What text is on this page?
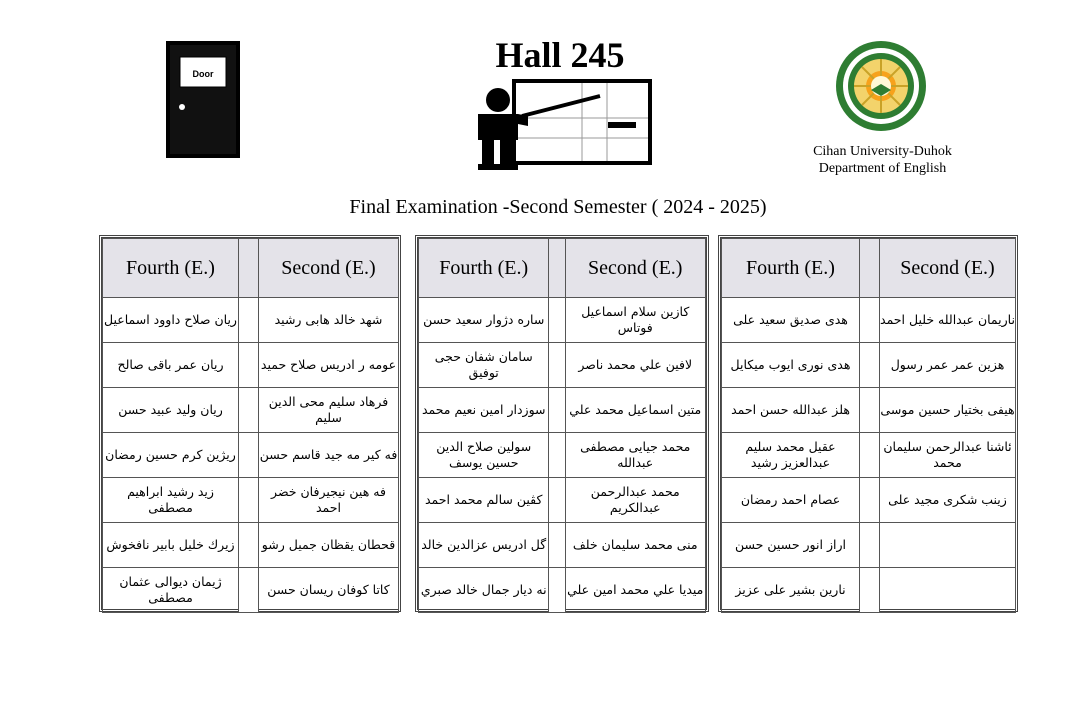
Door	Hall 245
Cihan University-Duhok
Department of English
Final Examination -Second Semester ( 2024 - 2025)
Fourth (E.)		Second (E.)
ريان صلاح داوود اسماعيل		شهد خالد هابى رشيد
ريان عمر باقى صالح		عومه ر ادريس صلاح حميد
ريان وليد عبيد حسن		فرهاد سليم محى الدين سليم
ريژين كرم حسين رمضان		فه كير مه جيد قاسم حسن
زيد رشيد ابراهيم مصطفى		فه هين نيجيرفان خضر احمد
زيرك خليل بابير نافخوش		قحطان يقظان جميل رشو
ژيمان ديوالى عثمان مصطفى		كاتا كوفان ريسان حسن
Fourth (E.)		Second (E.)
ساره دژوار سعيد حسن		كازين سلام اسماعيل فوتاس
سامان شفان حجى توفيق		لافين علي محمد ناصر
سوزدار امين نعيم محمد		متين اسماعيل محمد علي
سولين صلاح الدين حسين يوسف		محمد جيايى مصطفى عبدالله
كڤين سالم محمد احمد		محمد عبدالرحمن عبدالكريم
گل ادريس عزالدين خالد		منى محمد سليمان خلف
نه ديار جمال خالد صبري		ميديا علي محمد امين علي
Fourth (E.)		Second (E.)
هدى صديق سعيد على		ناريمان عبدالله خليل احمد
هدى نورى ايوب ميكايل		هزين عمر عمر رسول
هلز عبدالله حسن احمد		هيفى بختيار حسين موسى
عقيل محمد سليم عبدالعزيز رشيد		ئاشنا عبدالرحمن سليمان محمد
عصام احمد رمضان		زينب شكرى مجيد على
اراز انور حسين حسن		
نارين بشير على عزيز		
